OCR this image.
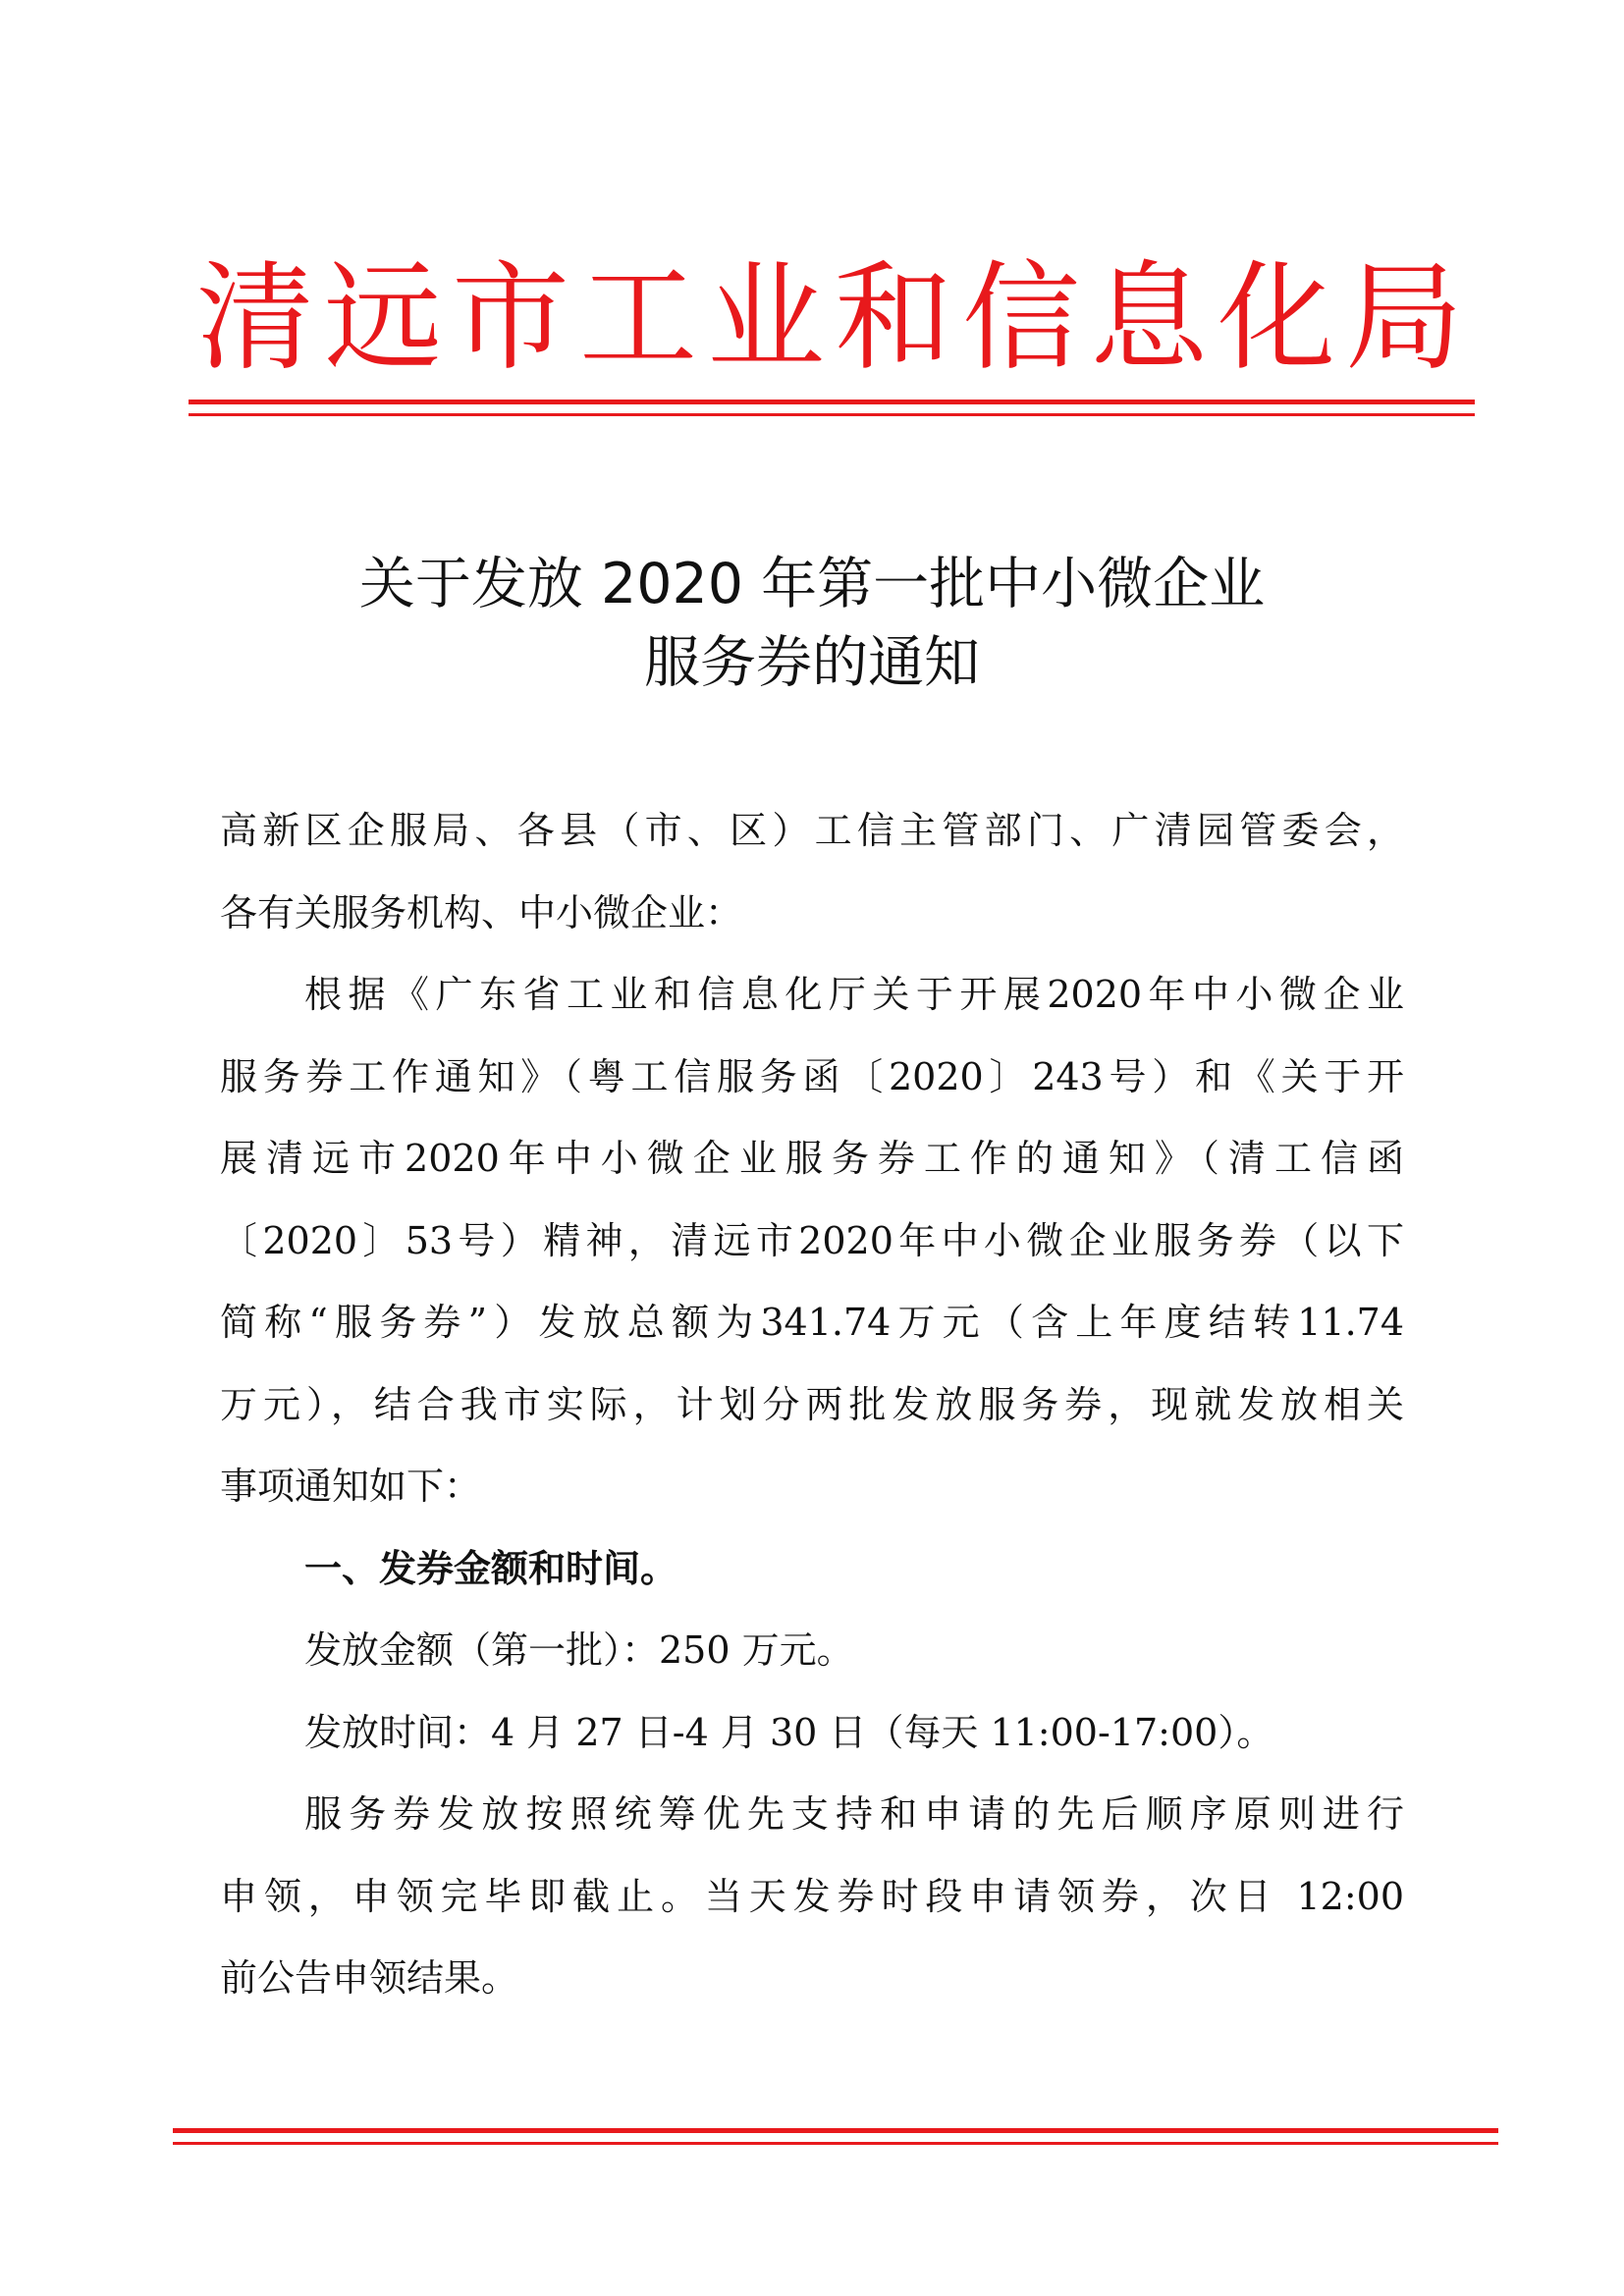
清远市工业和信息化局
关于发放 2020 年第一批中小微企业
服务券的通知
高新区企服局、各县（市、区）工信主管部门、广清园管委会，
各有关服务机构、中小微企业：
根据《广东省工业和信息化厅关于开展2020年中小微企业
服务券工作通知》（粤工信服务函〔2020〕243号）和《关于开
展清远市2020年中小微企业服务券工作的通知》（清工信函
〔2020〕53号）精神，清远市2020年中小微企业服务券（以下
简称“服务券”）发放总额为341.74万元（含上年度结转11.74
万元），结合我市实际，计划分两批发放服务券，现就发放相关
事项通知如下：
一、发券金额和时间。
发放金额（第一批）：250 万元。
发放时间：4 月 27 日-4 月 30 日（每天 11:00-17:00）。
服务券发放按照统筹优先支持和申请的先后顺序原则进行
申领，申领完毕即截止。当天发券时段申请领券，次日 12:00
前公告申领结果。
